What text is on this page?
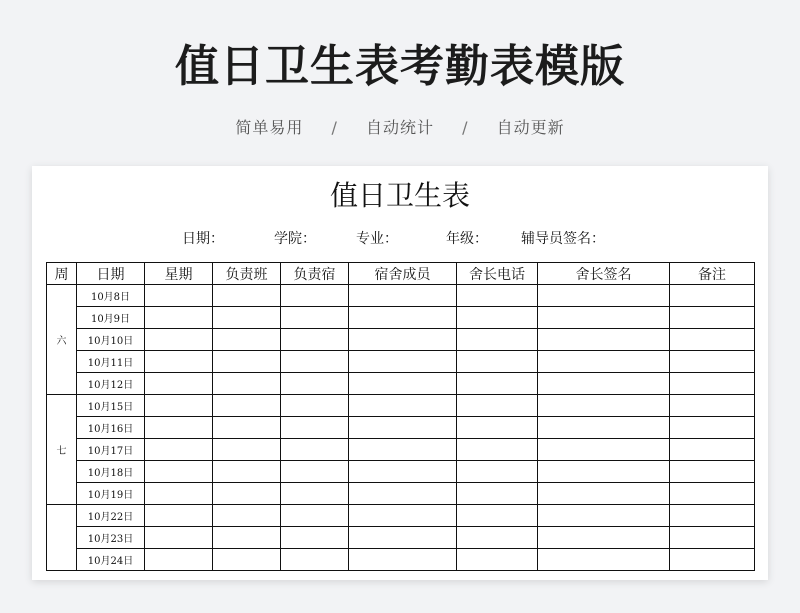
值日卫生表考勤表模版
简单易用 / 自动统计 / 自动更新
值日卫生表
日期：	学院：	专业：	年级： 辅导员签名：
周	日期	星期	负责班	负责宿	宿舍成员	舍长电话	舍长签名	备注
六	10月8日							
	10月9日							
	10月10日							
	10月11日							
	10月12日							
七	10月15日							
	10月16日							
	10月17日							
	10月18日							
	10月19日							
	10月22日							
	10月23日							
	10月24日							
